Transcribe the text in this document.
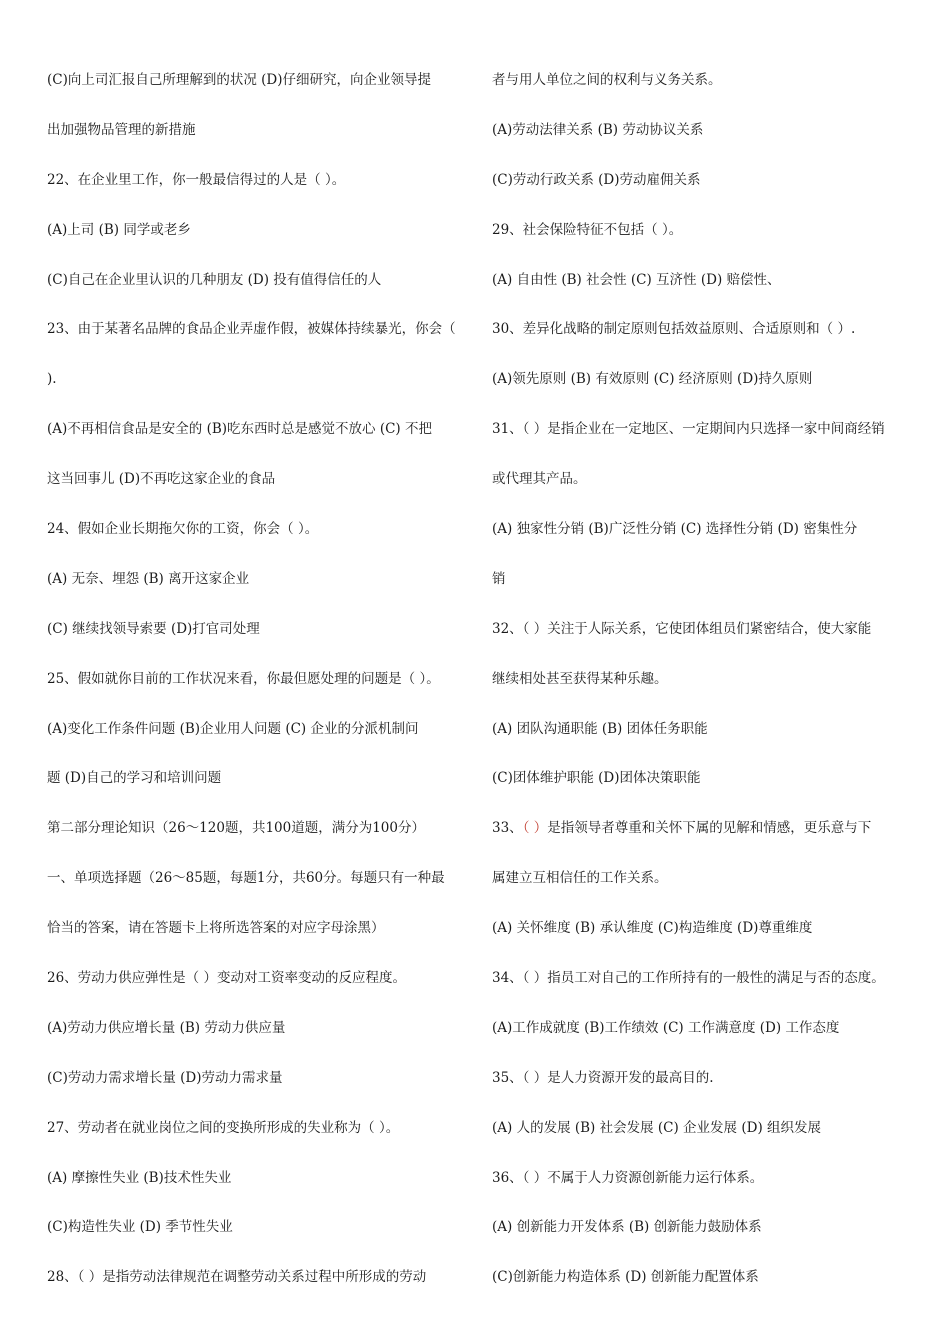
(C)向上司汇报自己所理解到的状况 (D)仔细研究，向企业领导提
出加强物品管理的新措施
22、在企业里工作，你一般最信得过的人是（ ）。
(A)上司 (B) 同学或老乡
(C)自己在企业里认识的几种朋友 (D) 投有值得信任的人
23、由于某著名品牌的食品企业弄虚作假，被媒体持续暴光，你会（
).
(A)不再相信食品是安全的 (B)吃东西时总是感觉不放心 (C) 不把
这当回事儿 (D)不再吃这家企业的食品
24、假如企业长期拖欠你的工资，你会（ ）。
(A) 无奈、埋怨 (B) 离开这家企业
(C) 继续找领导索要 (D)打官司处理
25、假如就你目前的工作状况来看，你最但愿处理的问题是（ ）。
(A)变化工作条件问题 (B)企业用人问题 (C) 企业的分派机制问
题 (D)自己的学习和培训问题
第二部分理论知识（26～120题，共100道题，满分为100分）
一、单项选择题（26～85题，每题1分，共60分。每题只有一种最
恰当的答案，请在答题卡上将所选答案的对应字母涂黑）
26、劳动力供应弹性是（ ）变动对工资率变动的反应程度。
(A)劳动力供应增长量 (B) 劳动力供应量
(C)劳动力需求增长量 (D)劳动力需求量
27、劳动者在就业岗位之间的变换所形成的失业称为（ ）。
(A) 摩擦性失业 (B)技术性失业
(C)构造性失业 (D) 季节性失业
28、（ ）是指劳动法律规范在调整劳动关系过程中所形成的劳动
者与用人单位之间的权利与义务关系。
(A)劳动法律关系 (B) 劳动协议关系
(C)劳动行政关系 (D)劳动雇佣关系
29、社会保险特征不包括（ ）。
(A) 自由性 (B) 社会性 (C) 互济性 (D) 赔偿性、
30、差异化战略的制定原则包括效益原则、合适原则和（ ）.
(A)领先原则 (B) 有效原则 (C) 经济原则 (D)持久原则
31、（ ）是指企业在一定地区、一定期间内只选择一家中间商经销
或代理其产品。
(A) 独家性分销 (B)广泛性分销 (C) 选择性分销 (D) 密集性分
销
32、（ ）关注于人际关系，它使团体组员们紧密结合，使大家能
继续相处甚至获得某种乐趣。
(A) 团队沟通职能 (B) 团体任务职能
(C)团体维护职能 (D)团体决策职能
33、（ ）是指领导者尊重和关怀下属的见解和情感，更乐意与下
属建立互相信任的工作关系。
(A) 关怀维度 (B) 承认维度 (C)构造维度 (D)尊重维度
34、（ ）指员工对自己的工作所持有的一般性的满足与否的态度。
(A)工作成就度 (B)工作绩效 (C) 工作满意度 (D) 工作态度
35、（ ）是人力资源开发的最高目的.
(A) 人的发展 (B) 社会发展 (C) 企业发展 (D) 组织发展
36、（ ）不属于人力资源创新能力运行体系。
(A) 创新能力开发体系 (B) 创新能力鼓励体系
(C)创新能力构造体系 (D) 创新能力配置体系
